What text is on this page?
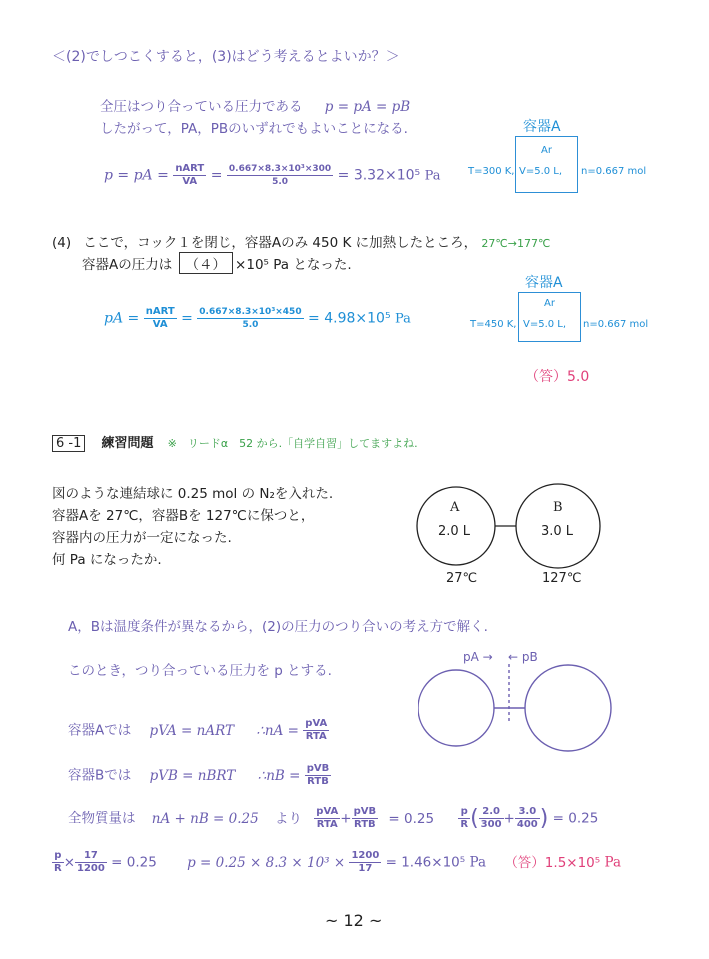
＜(2)でしつこくすると，(3)はどう考えるとよいか？＞
全圧はつり合っている圧力である p = pA = pB
したがって，PA，PBのいずれでもよいことになる.
p = pA = nART
VA = $\frac{\text{0.667×8.3×10³×300}}{5.0} = 3.32\times 10^5$ Pa
容器A
Ar
T=300 K, V=5.0 L, n=0.667 mol
(4) ここで，コック１を閉じ，容器Aのみ 450 K に加熱したところ， 27℃→177℃
容器Aの圧力は （４） ×10⁵ Pa となった.
pA = nART
VA = $\frac{\text{0.667×8.3×10³×450}}{5.0} = 4.98\times 10^5$ Pa
容器A
Ar
T=450 K, V=5.0 L, n=0.667 mol
（答）5.0
6 -1 練習問題 ※　リードα　52 から.「自学自習」してますよね.
図のような連結球に 0.25 mol の N₂を入れた.
容器Aを 27℃，容器Bを 127℃に保つと，
容器内の圧力が一定になった.
何 Pa になったか.
A
2.0 L
B
3.0 L
27℃	127℃
A，Bは温度条件が異なるから，(2)の圧力のつり合いの考え方で解く.
このとき，つり合っている圧力を p とする.
pA → ← pB
容器Aでは pVA = nART ∴nA = pVA
RTA
容器Bでは pVB = nBRT ∴nB = pVB
RTB
全物質量は nA + nB = 0.25 より pVA
RTA + pVB
RTB = $0.25 \frac{p}{R}$ ( $\frac{2.0}{300} + \frac{3.0}{400}$ ) = 0.25
$\frac{p}{R} \times \frac{17}{1200} = 0.25$ $p = 0.25 \times 8.3 \times 10^3 \times \frac{1200}{17} = 1.46\times 10^5$ Pa （答）1.5×10⁵ Pa
~ 12 ~
